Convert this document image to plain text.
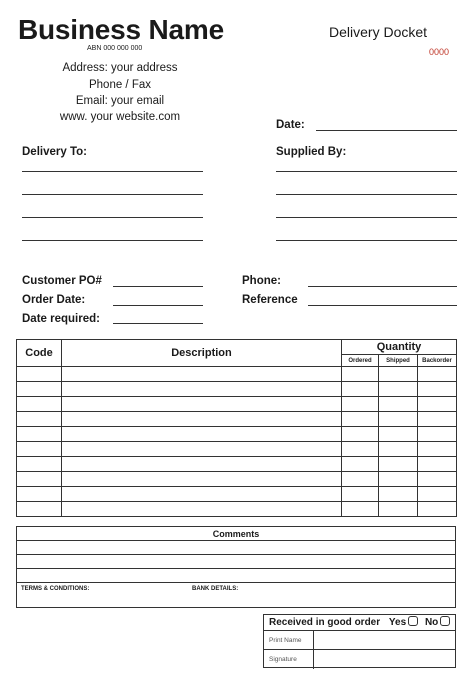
Business Name
ABN 000 000 000
Address: your address
Phone / Fax
Email: your email
www. your website.com
Delivery Docket
0000
Date:
Delivery To:	Supplied By:
Customer PO#
Order Date:
Date required:
Phone:
Reference
Code	Description	Quantity		
		Ordered	Shipped	Backorder

Comments
TERMS & CONDITIONS:	BANK DETAILS:
Received in good order Yes No
Print Name
Signature
